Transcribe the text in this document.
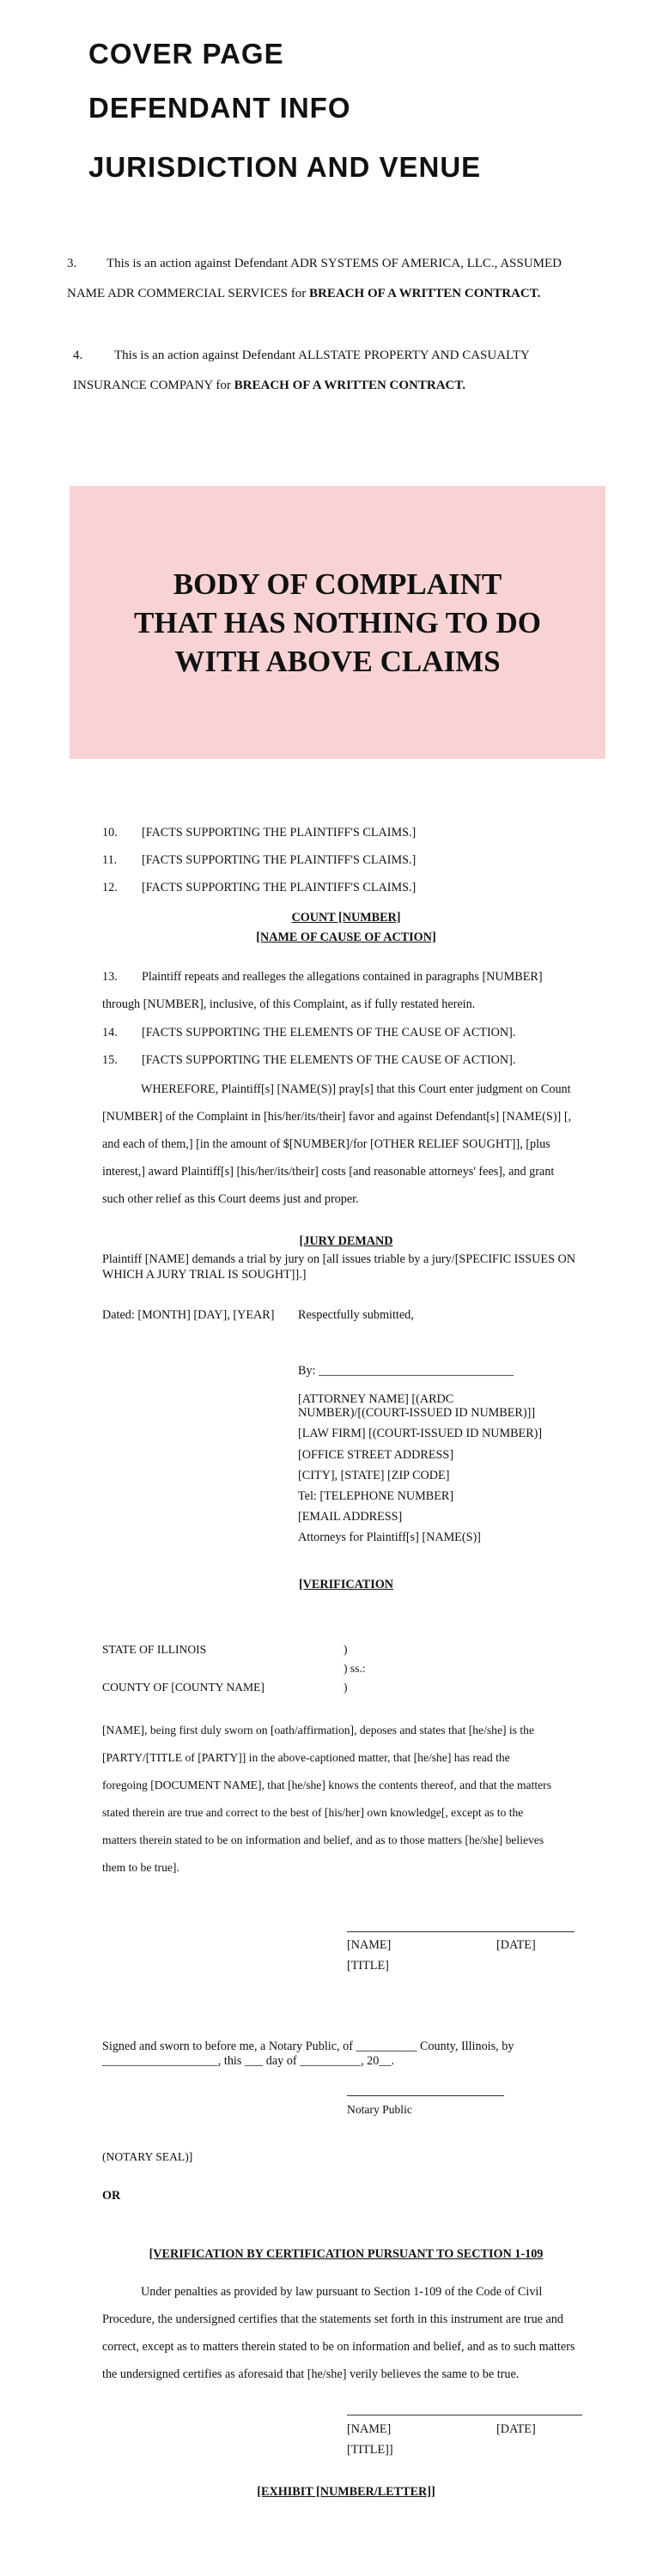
COVER PAGE
DEFENDANT INFO
JURISDICTION AND VENUE
3. This is an action against Defendant ADR SYSTEMS OF AMERICA, LLC., ASSUMED
NAME ADR COMMERCIAL SERVICES for BREACH OF A WRITTEN CONTRACT.
4. This is an action against Defendant ALLSTATE PROPERTY AND CASUALTY
INSURANCE COMPANY for BREACH OF A WRITTEN CONTRACT.
BODY OF COMPLAINT
THAT HAS NOTHING TO DO
WITH ABOVE CLAIMS
10. [FACTS SUPPORTING THE PLAINTIFF'S CLAIMS.]
11. [FACTS SUPPORTING THE PLAINTIFF'S CLAIMS.]
12. [FACTS SUPPORTING THE PLAINTIFF'S CLAIMS.]
COUNT [NUMBER]
[NAME OF CAUSE OF ACTION]
13. Plaintiff repeats and realleges the allegations contained in paragraphs [NUMBER]
through [NUMBER], inclusive, of this Complaint, as if fully restated herein.
14. [FACTS SUPPORTING THE ELEMENTS OF THE CAUSE OF ACTION].
15. [FACTS SUPPORTING THE ELEMENTS OF THE CAUSE OF ACTION].
WHEREFORE, Plaintiff[s] [NAME(S)] pray[s] that this Court enter judgment on Count
[NUMBER] of the Complaint in [his/her/its/their] favor and against Defendant[s] [NAME(S)] [,
and each of them,] [in the amount of $[NUMBER]/for [OTHER RELIEF SOUGHT]], [plus
interest,] award Plaintiff[s] [his/her/its/their] costs [and reasonable attorneys' fees], and grant
such other relief as this Court deems just and proper.
[JURY DEMAND
Plaintiff [NAME] demands a trial by jury on [all issues triable by a jury/[SPECIFIC ISSUES ON
WHICH A JURY TRIAL IS SOUGHT]].]
Dated: [MONTH] [DAY], [YEAR] Respectfully submitted,
By: ________________________________
[ATTORNEY NAME] [(ARDC
NUMBER)/[(COURT-ISSUED ID NUMBER)]]
[LAW FIRM] [(COURT-ISSUED ID NUMBER)]
[OFFICE STREET ADDRESS]
[CITY], [STATE] [ZIP CODE]
Tel: [TELEPHONE NUMBER]
[EMAIL ADDRESS]
Attorneys for Plaintiff[s] [NAME(S)]
[VERIFICATION
STATE OF ILLINOIS	)
) ss.:
COUNTY OF [COUNTY NAME]	)
[NAME], being first duly sworn on [oath/affirmation], deposes and states that [he/she] is the
[PARTY/[TITLE of [PARTY]] in the above-captioned matter, that [he/she] has read the
foregoing [DOCUMENT NAME], that [he/she] knows the contents thereof, and that the matters
stated therein are true and correct to the best of [his/her] own knowledge[, except as to the
matters therein stated to be on information and belief, and as to those matters [he/she] believes
them to be true].
[NAME]	[DATE]
[TITLE]
Signed and sworn to before me, a Notary Public, of __________ County, Illinois, by
___________________, this ___ day of __________, 20__.
Notary Public
(NOTARY SEAL)]
OR
[VERIFICATION BY CERTIFICATION PURSUANT TO SECTION 1-109
Under penalties as provided by law pursuant to Section 1-109 of the Code of Civil
Procedure, the undersigned certifies that the statements set forth in this instrument are true and
correct, except as to matters therein stated to be on information and belief, and as to such matters
the undersigned certifies as aforesaid that [he/she] verily believes the same to be true.
[NAME]	[DATE]
[TITLE]]
[EXHIBIT [NUMBER/LETTER]]
